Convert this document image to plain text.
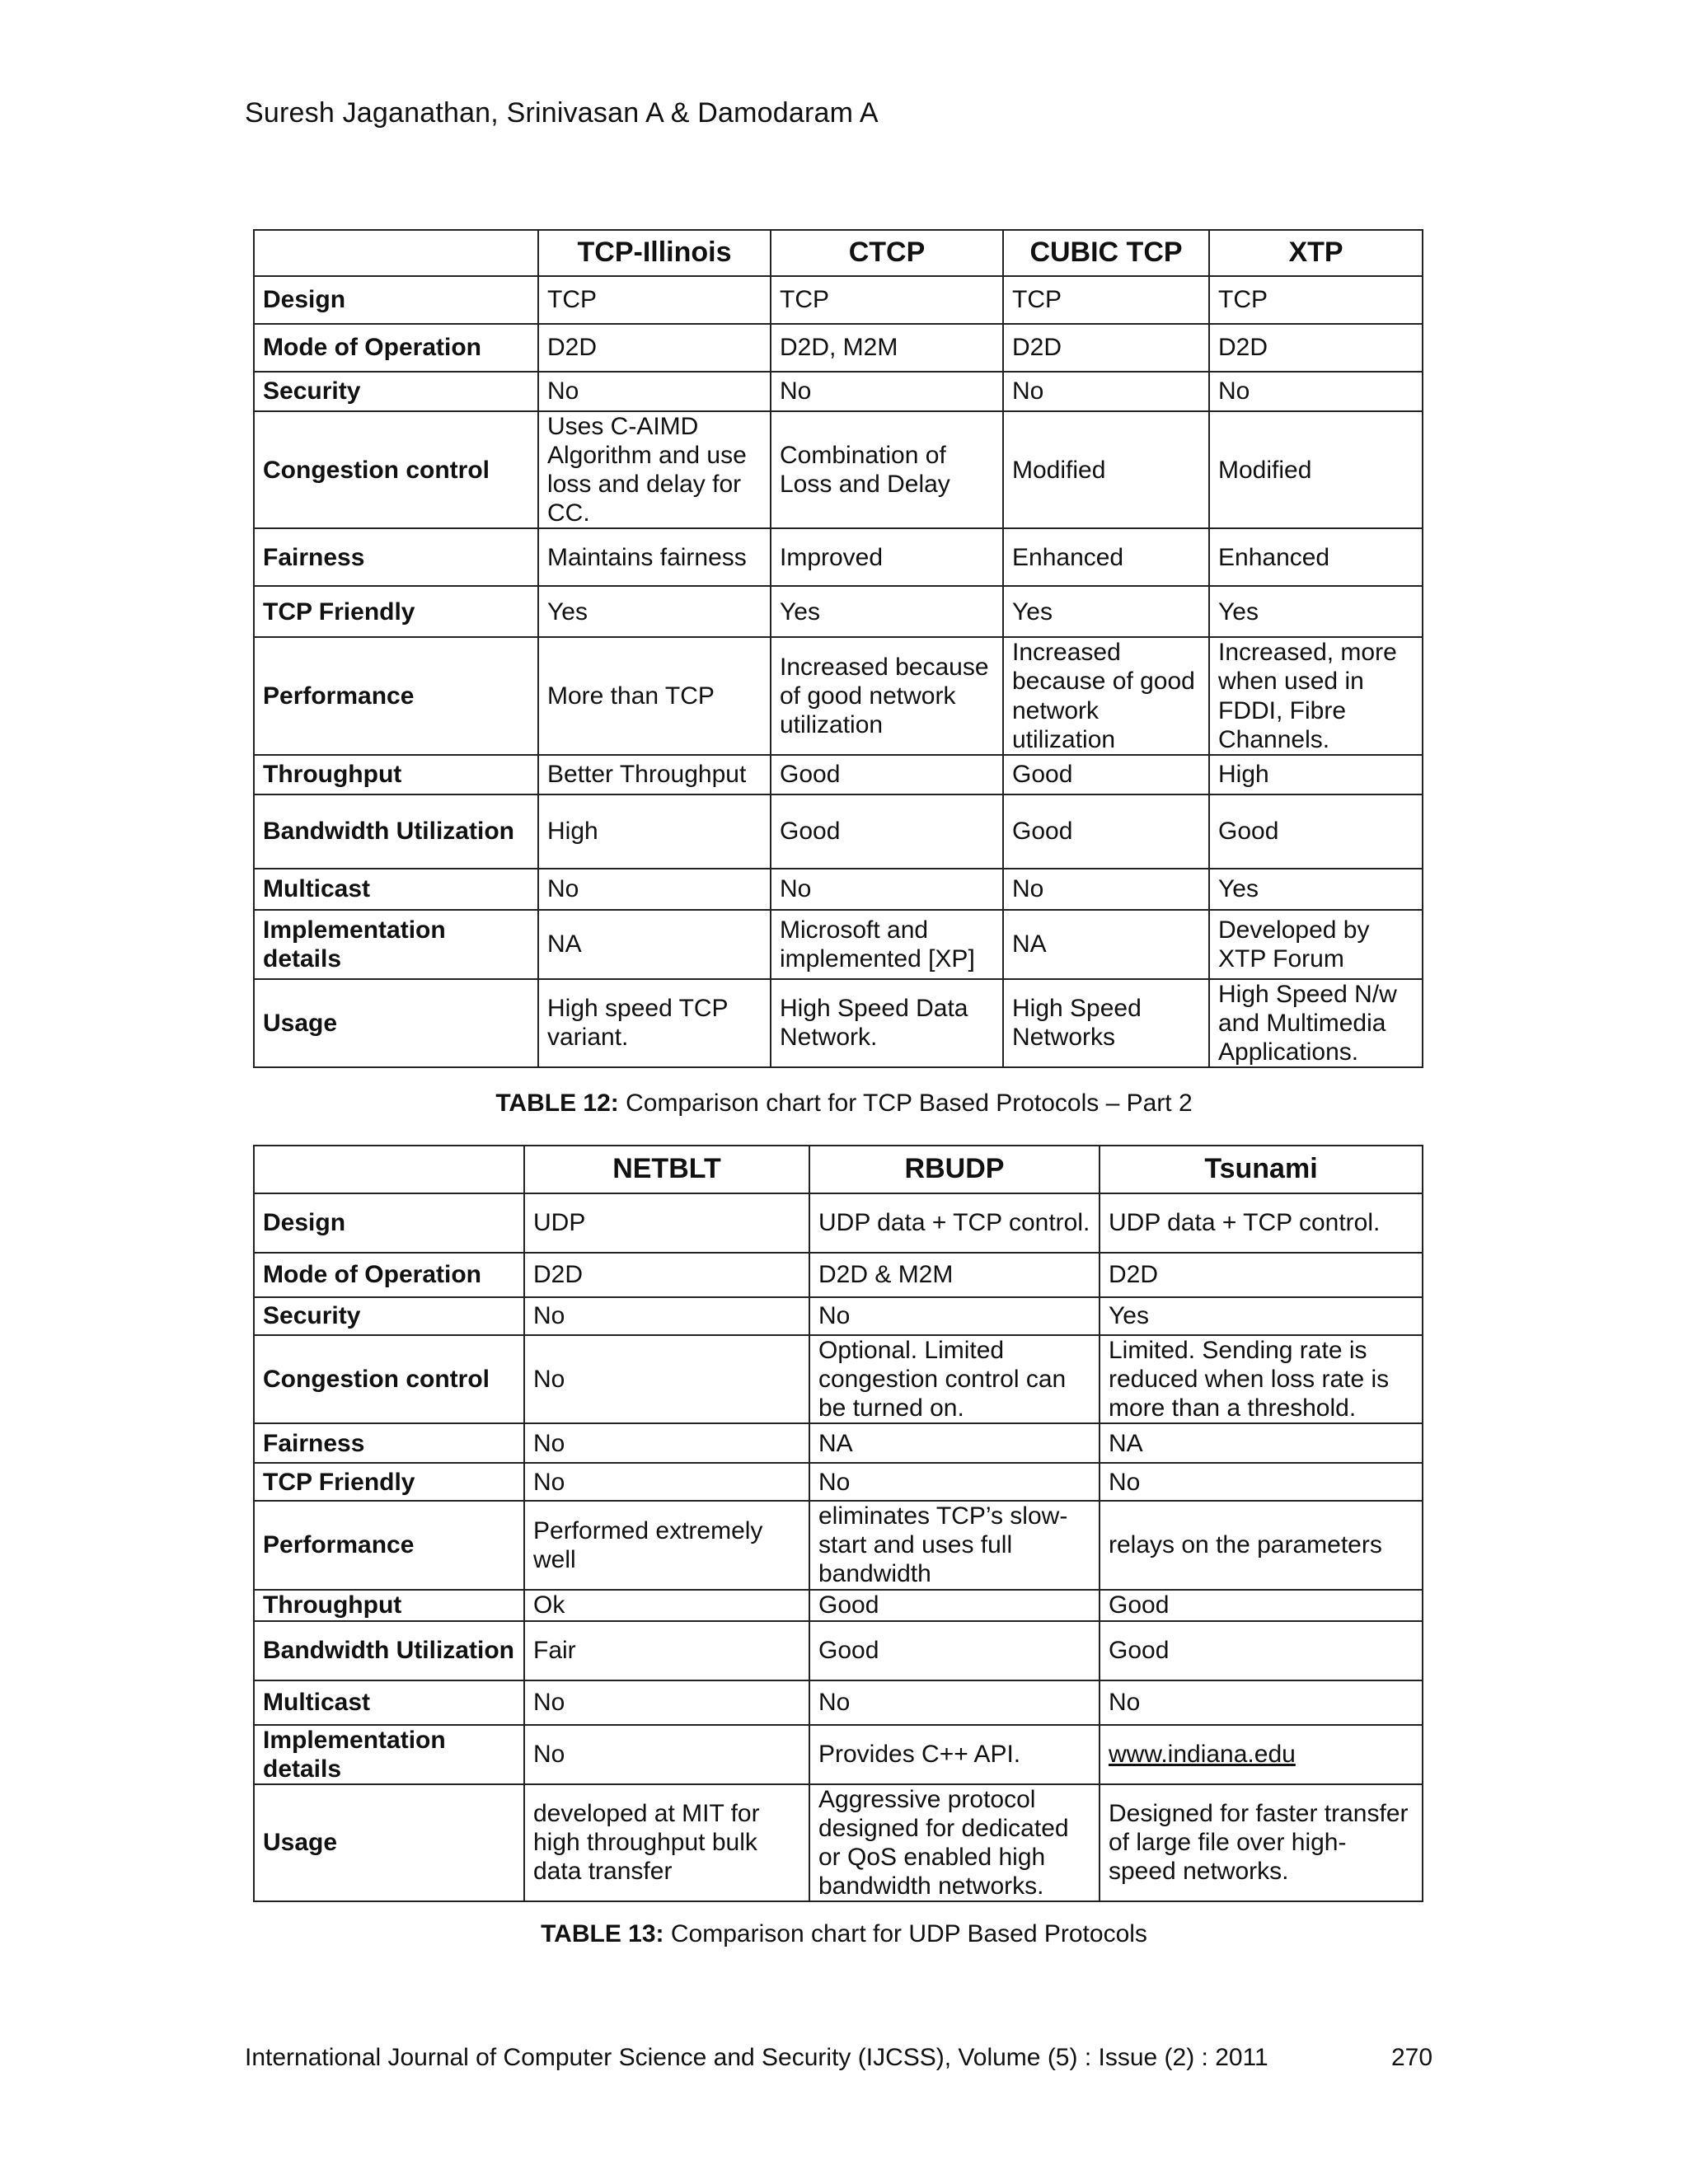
Suresh Jaganathan, Srinivasan A & Damodaram A
	TCP-Illinois	CTCP	CUBIC TCP	XTP
Design	TCP	TCP	TCP	TCP
Mode of Operation	D2D	D2D, M2M	D2D	D2D
Security	No	No	No	No
Congestion control	Uses C-AIMD Algorithm and use loss and delay for CC.	Combination of Loss and Delay	Modified	Modified
Fairness	Maintains fairness	Improved	Enhanced	Enhanced
TCP Friendly	Yes	Yes	Yes	Yes
Performance	More than TCP	Increased because of good network utilization	Increased because of good network utilization	Increased, more when used in FDDI, Fibre Channels.
Throughput	Better Throughput	Good	Good	High
Bandwidth Utilization	High	Good	Good	Good
Multicast	No	No	No	Yes
Implementation details	NA	Microsoft and implemented [XP]	NA	Developed by XTP Forum
Usage	High speed TCP variant.	High Speed Data Network.	High Speed Networks	High Speed N/w and Multimedia Applications.
TABLE 12: Comparison chart for TCP Based Protocols – Part 2
	NETBLT	RBUDP	Tsunami
Design	UDP	UDP data + TCP control.	UDP data + TCP control.
Mode of Operation	D2D	D2D & M2M	D2D
Security	No	No	Yes
Congestion control	No	Optional. Limited congestion control can be turned on.	Limited. Sending rate is reduced when loss rate is more than a threshold.
Fairness	No	NA	NA
TCP Friendly	No	No	No
Performance	Performed extremely well	eliminates TCP’s slow-start and uses full bandwidth	relays on the parameters
Throughput	Ok	Good	Good
Bandwidth Utilization	Fair	Good	Good
Multicast	No	No	No
Implementation details	No	Provides C++ API.	www.indiana.edu
Usage	developed at MIT for high throughput bulk data transfer	Aggressive protocol designed for dedicated or QoS enabled high bandwidth networks.	Designed for faster transfer of large file over high-speed networks.
TABLE 13: Comparison chart for UDP Based Protocols
International Journal of Computer Science and Security (IJCSS), Volume (5) : Issue (2) : 2011	270
